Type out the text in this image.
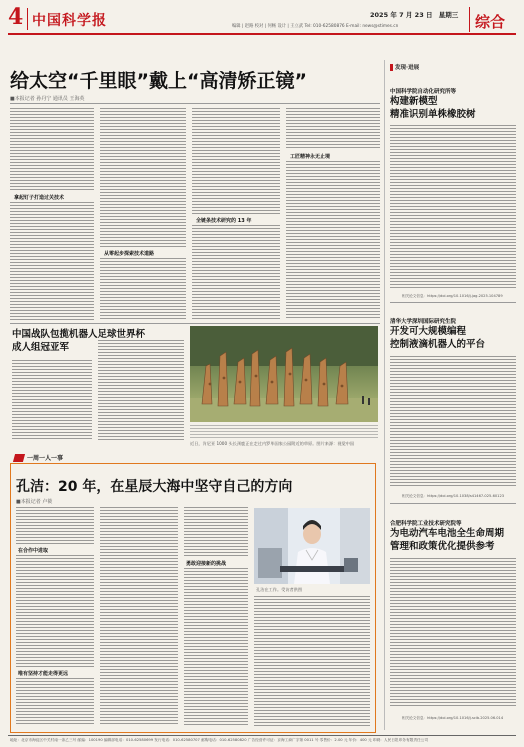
4 中国科学报	2025 年 7 月 23 日 星期三
编辑 | 赵路 校对 | 何畅 设计 | 王立武 Tel: 010-62580876 E-mail: news@stimes.cn	综合
给太空“千里眼”戴上“高清矫正镜”
■本报记者 孙丹宁 通讯员 王海英
拿起钉子打造过关技术
从零起步探索技术道路
全链条技术研究的 13 年
工匠精神永无止境
中国战队包揽机器人足球世界杯
成人组冠亚军
近日，肯尼亚 1000 头长颈鹿正在走过内罗毕国家公园附近的草原。图片来源：视觉中国
一周一人一事
孔洁：20 年，在星辰大海中坚守自己的方向
■本报记者 卢筱
在合作中进取
唯有坚持才能走得更远
勇敢迎接新的挑战
孔洁在工作。受访者供图
发现·进展
中国科学院自动化研究所等
构建新模型
精准识别单株橡胶树
相关论文信息：https://doi.org/10.1016/j.jag.2025.104789
清华大学深圳国际研究生院
开发可大规模编程
控制液滴机器人的平台
相关论文信息：https://doi.org/10.1038/s41467-025-60123
合肥科学院工业技术研究院等
为电动汽车电池全生命周期
管理和政策优化提供参考
相关论文信息：https://doi.org/10.1016/j.scib.2025.06.014
地址：北京市海淀区中关村南一条乙三号 邮编：100190 编辑部电话：010-62580699 发行电话：010-62580707 邮购电话：010-62580820 广告经营许可证：京海工商广字第 0011 号 零售价：2.00 元 年价：400 元 印刷：人民日报印务有限责任公司
